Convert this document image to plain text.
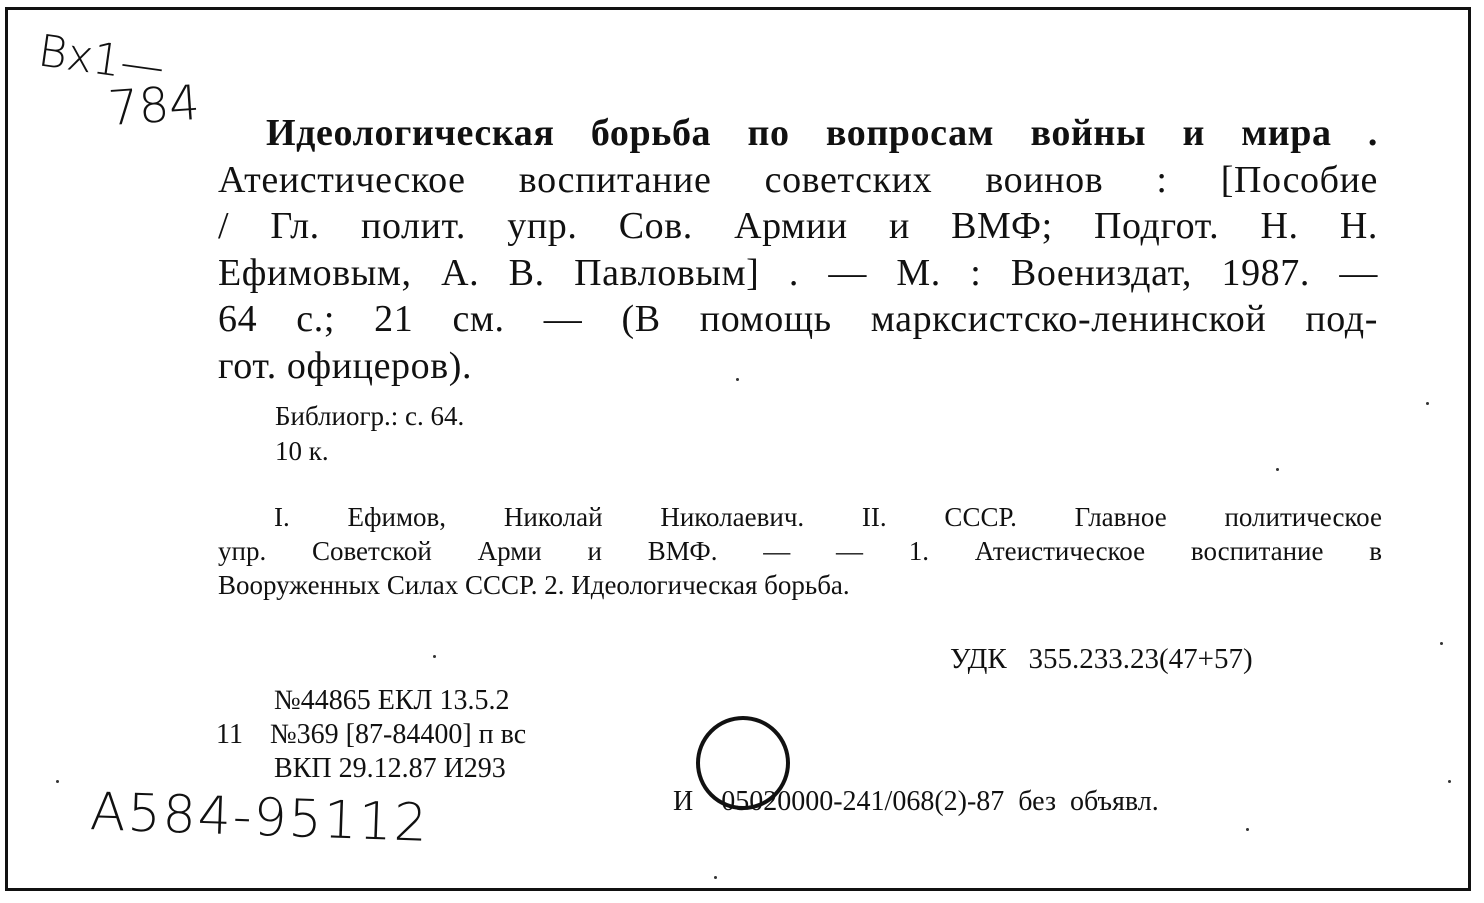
Вх1—
784	Идеологическая борьба по вопросам войны и мира .
Атеистическое воспитание советских воинов : [Пособие
/ Гл. полит. упр. Сов. Армии и ВМФ; Подгот. Н. Н.
Ефимовым, А. В. Павловым] . — М. : Воениздат, 1987. —
64 с.; 21 см. — (В помощь марксистско-ленинской под-
гот. офицеров).
Библиогр.: с. 64.
10 к.
I. Ефимов, Николай Николаевич. II. СССР. Главное политическое
упр. Советской Арми и ВМФ. — — 1. Атеистическое воспитание в
Вооруженных Силах СССР. 2. Идеологическая борьба.
УДК   355.233.23(47+57)
№44865 ЕКЛ 13.5.2
11 №369 [87-84400] п вс
ВКП 29.12.87 И293
И    05020000-241/068(2)-87  без  объявл.
А584-95112
